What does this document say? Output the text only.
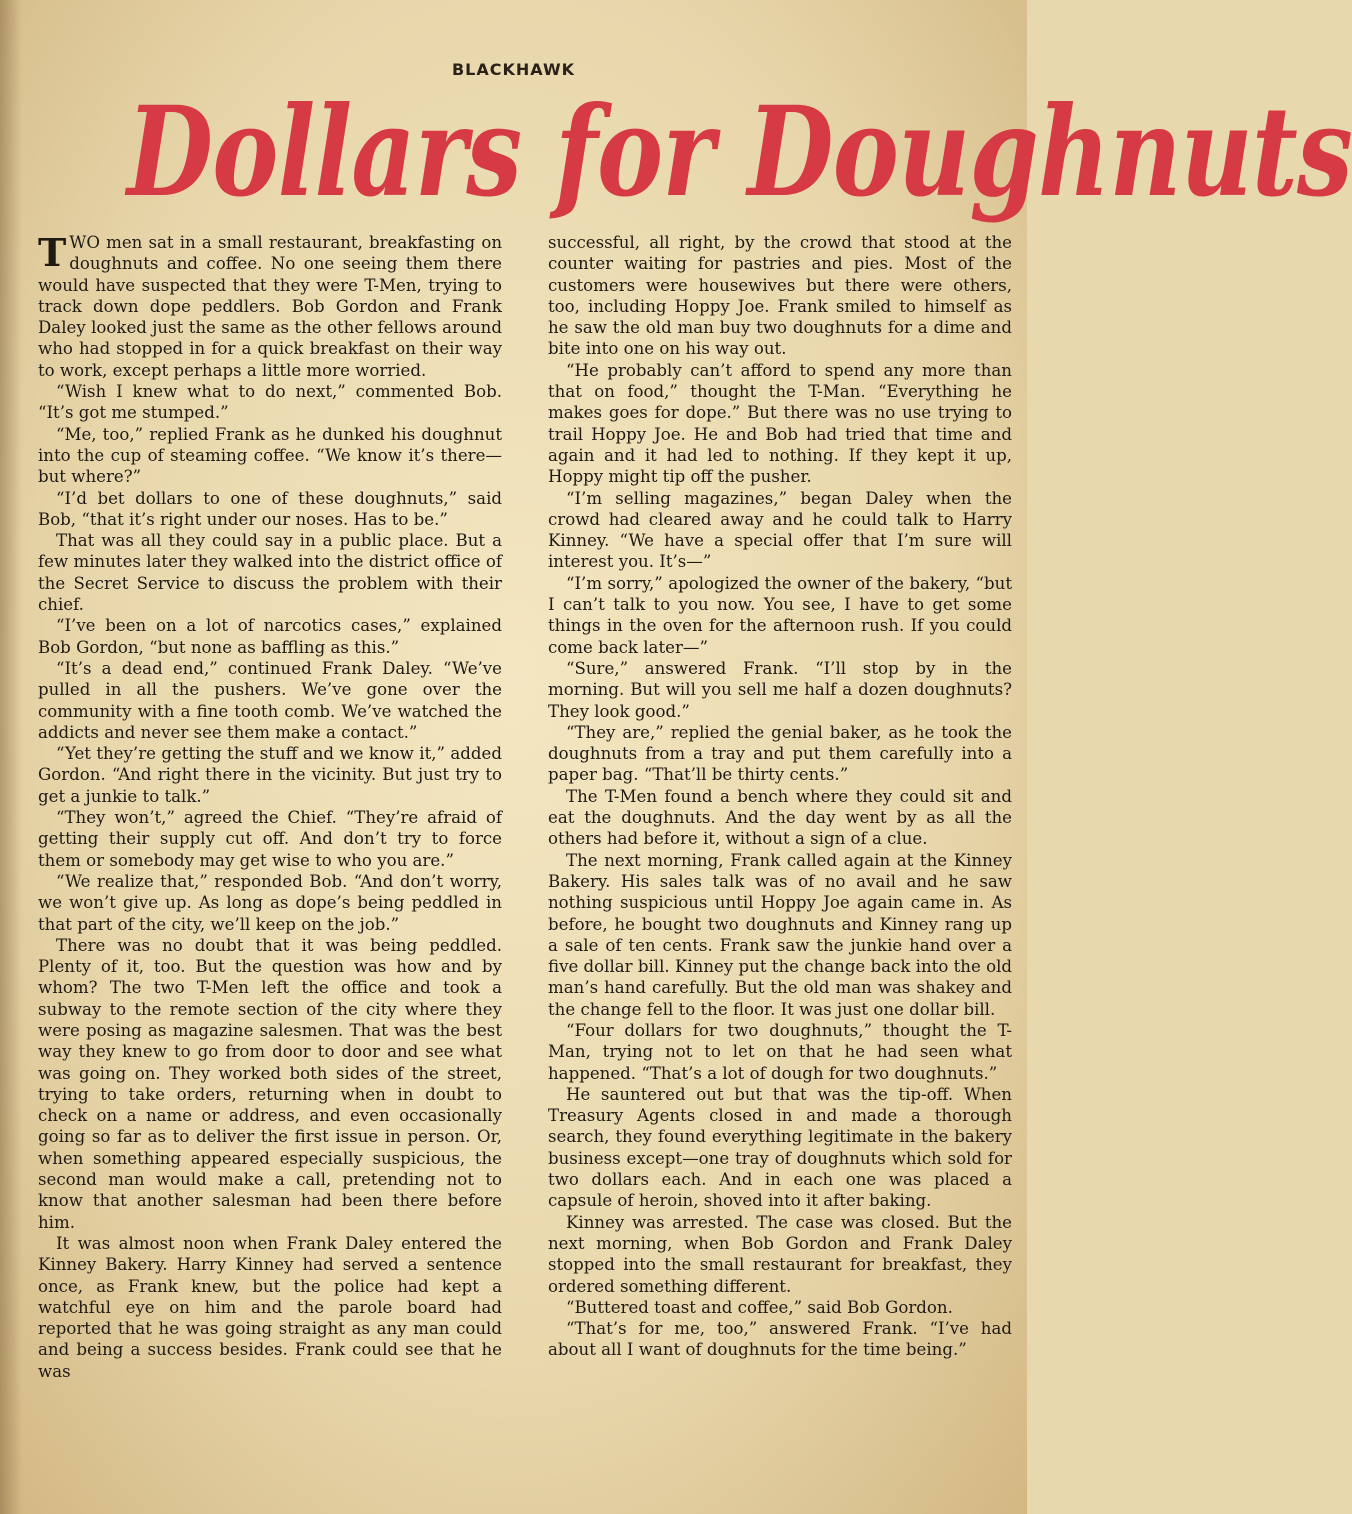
BLACKHAWK
Dollars for Doughnuts

TWO men sat in a small restaurant, breakfasting on doughnuts and coffee. No one seeing them there would have suspected that they were T-Men, trying to track down dope peddlers. Bob Gordon and Frank Daley looked just the same as the other fellows around who had stopped in for a quick breakfast on their way to work, except perhaps a little more worried.

“Wish I knew what to do next,” commented Bob. “It’s got me stumped.”

“Me, too,” replied Frank as he dunked his doughnut into the cup of steaming coffee. “We know it’s there—but where?”

“I’d bet dollars to one of these doughnuts,” said Bob, “that it’s right under our noses. Has to be.”

That was all they could say in a public place. But a few minutes later they walked into the district office of the Secret Service to discuss the problem with their chief.

“I’ve been on a lot of narcotics cases,” explained Bob Gordon, “but none as baffling as this.”

“It’s a dead end,” continued Frank Daley. “We’ve pulled in all the pushers. We’ve gone over the community with a fine tooth comb. We’ve watched the addicts and never see them make a contact.”

“Yet they’re getting the stuff and we know it,” added Gordon. “And right there in the vicinity. But just try to get a junkie to talk.”

“They won’t,” agreed the Chief. “They’re afraid of getting their supply cut off. And don’t try to force them or somebody may get wise to who you are.”

“We realize that,” responded Bob. “And don’t worry, we won’t give up. As long as dope’s being peddled in that part of the city, we’ll keep on the job.”

There was no doubt that it was being peddled. Plenty of it, too. But the question was how and by whom? The two T-Men left the office and took a subway to the remote section of the city where they were posing as magazine salesmen. That was the best way they knew to go from door to door and see what was going on. They worked both sides of the street, trying to take orders, returning when in doubt to check on a name or address, and even occasionally going so far as to deliver the first issue in person. Or, when something appeared especially suspicious, the second man would make a call, pretending not to know that another salesman had been there before him.

It was almost noon when Frank Daley entered the Kinney Bakery. Harry Kinney had served a sentence once, as Frank knew, but the police had kept a watchful eye on him and the parole board had reported that he was going straight as any man could and being a success besides. Frank could see that he was

successful, all right, by the crowd that stood at the counter waiting for pastries and pies. Most of the customers were housewives but there were others, too, including Hoppy Joe. Frank smiled to himself as he saw the old man buy two doughnuts for a dime and bite into one on his way out.

“He probably can’t afford to spend any more than that on food,” thought the T-Man. “Everything he makes goes for dope.” But there was no use trying to trail Hoppy Joe. He and Bob had tried that time and again and it had led to nothing. If they kept it up, Hoppy might tip off the pusher.

“I’m selling magazines,” began Daley when the crowd had cleared away and he could talk to Harry Kinney. “We have a special offer that I’m sure will interest you. It’s—”

“I’m sorry,” apologized the owner of the bakery, “but I can’t talk to you now. You see, I have to get some things in the oven for the afternoon rush. If you could come back later—”

“Sure,” answered Frank. “I’ll stop by in the morning. But will you sell me half a dozen doughnuts? They look good.”

“They are,” replied the genial baker, as he took the doughnuts from a tray and put them carefully into a paper bag. “That’ll be thirty cents.”

The T-Men found a bench where they could sit and eat the doughnuts. And the day went by as all the others had before it, without a sign of a clue.

The next morning, Frank called again at the Kinney Bakery. His sales talk was of no avail and he saw nothing suspicious until Hoppy Joe again came in. As before, he bought two doughnuts and Kinney rang up a sale of ten cents. Frank saw the junkie hand over a five dollar bill. Kinney put the change back into the old man’s hand carefully. But the old man was shakey and the change fell to the floor. It was just one dollar bill.

“Four dollars for two doughnuts,” thought the T-Man, trying not to let on that he had seen what happened. “That’s a lot of dough for two doughnuts.”

He sauntered out but that was the tip-off. When Treasury Agents closed in and made a thorough search, they found everything legitimate in the bakery business except—one tray of doughnuts which sold for two dollars each. And in each one was placed a capsule of heroin, shoved into it after baking.

Kinney was arrested. The case was closed. But the next morning, when Bob Gordon and Frank Daley stopped into the small restaurant for breakfast, they ordered something different.

“Buttered toast and coffee,” said Bob Gordon.

“That’s for me, too,” answered Frank. “I’ve had about all I want of doughnuts for the time being.”
